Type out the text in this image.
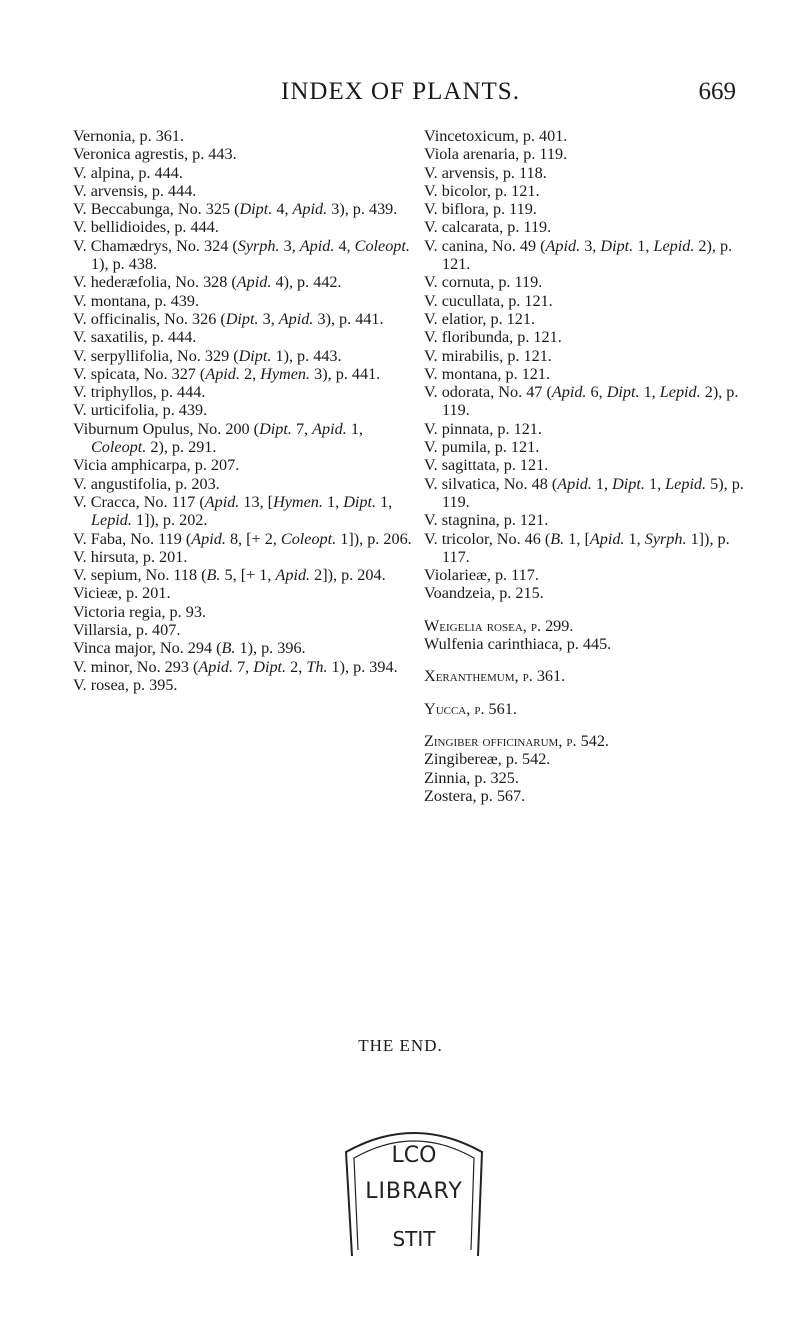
INDEX OF PLANTS.	669

Vernonia, p. 361.

Veronica agrestis, p. 443.

V. alpina, p. 444.

V. arvensis, p. 444.

V. Beccabunga, No. 325 (Dipt. 4, Apid. 3), p. 439.

V. bellidioides, p. 444.

V. Chamædrys, No. 324 (Syrph. 3, Apid. 4, Coleopt. 1), p. 438.

V. hederæfolia, No. 328 (Apid. 4), p. 442.

V. montana, p. 439.

V. officinalis, No. 326 (Dipt. 3, Apid. 3), p. 441.

V. saxatilis, p. 444.

V. serpyllifolia, No. 329 (Dipt. 1), p. 443.

V. spicata, No. 327 (Apid. 2, Hymen. 3), p. 441.

V. triphyllos, p. 444.

V. urticifolia, p. 439.

Viburnum Opulus, No. 200 (Dipt. 7, Apid. 1, Coleopt. 2), p. 291.

Vicia amphicarpa, p. 207.

V. angustifolia, p. 203.

V. Cracca, No. 117 (Apid. 13, [Hymen. 1, Dipt. 1, Lepid. 1]), p. 202.

V. Faba, No. 119 (Apid. 8, [+ 2, Coleopt. 1]), p. 206.

V. hirsuta, p. 201.

V. sepium, No. 118 (B. 5, [+ 1, Apid. 2]), p. 204.

Vicieæ, p. 201.

Victoria regia, p. 93.

Villarsia, p. 407.

Vinca major, No. 294 (B. 1), p. 396.

V. minor, No. 293 (Apid. 7, Dipt. 2, Th. 1), p. 394.

V. rosea, p. 395.

Vincetoxicum, p. 401.

Viola arenaria, p. 119.

V. arvensis, p. 118.

V. bicolor, p. 121.

V. biflora, p. 119.

V. calcarata, p. 119.

V. canina, No. 49 (Apid. 3, Dipt. 1, Lepid. 2), p. 121.

V. cornuta, p. 119.

V. cucullata, p. 121.

V. elatior, p. 121.

V. floribunda, p. 121.

V. mirabilis, p. 121.

V. montana, p. 121.

V. odorata, No. 47 (Apid. 6, Dipt. 1, Lepid. 2), p. 119.

V. pinnata, p. 121.

V. pumila, p. 121.

V. sagittata, p. 121.

V. silvatica, No. 48 (Apid. 1, Dipt. 1, Lepid. 5), p. 119.

V. stagnina, p. 121.

V. tricolor, No. 46 (B. 1, [Apid. 1, Syrph. 1]), p. 117.

Violarieæ, p. 117.

Voandzeia, p. 215.

Weigelia rosea, p. 299.

Wulfenia carinthiaca, p. 445.

Xeranthemum, p. 361.

Yucca, p. 561.

Zingiber officinarum, p. 542.

Zingibereæ, p. 542.

Zinnia, p. 325.

Zostera, p. 567.

THE END.
LCO
LIBRARY
STIT
